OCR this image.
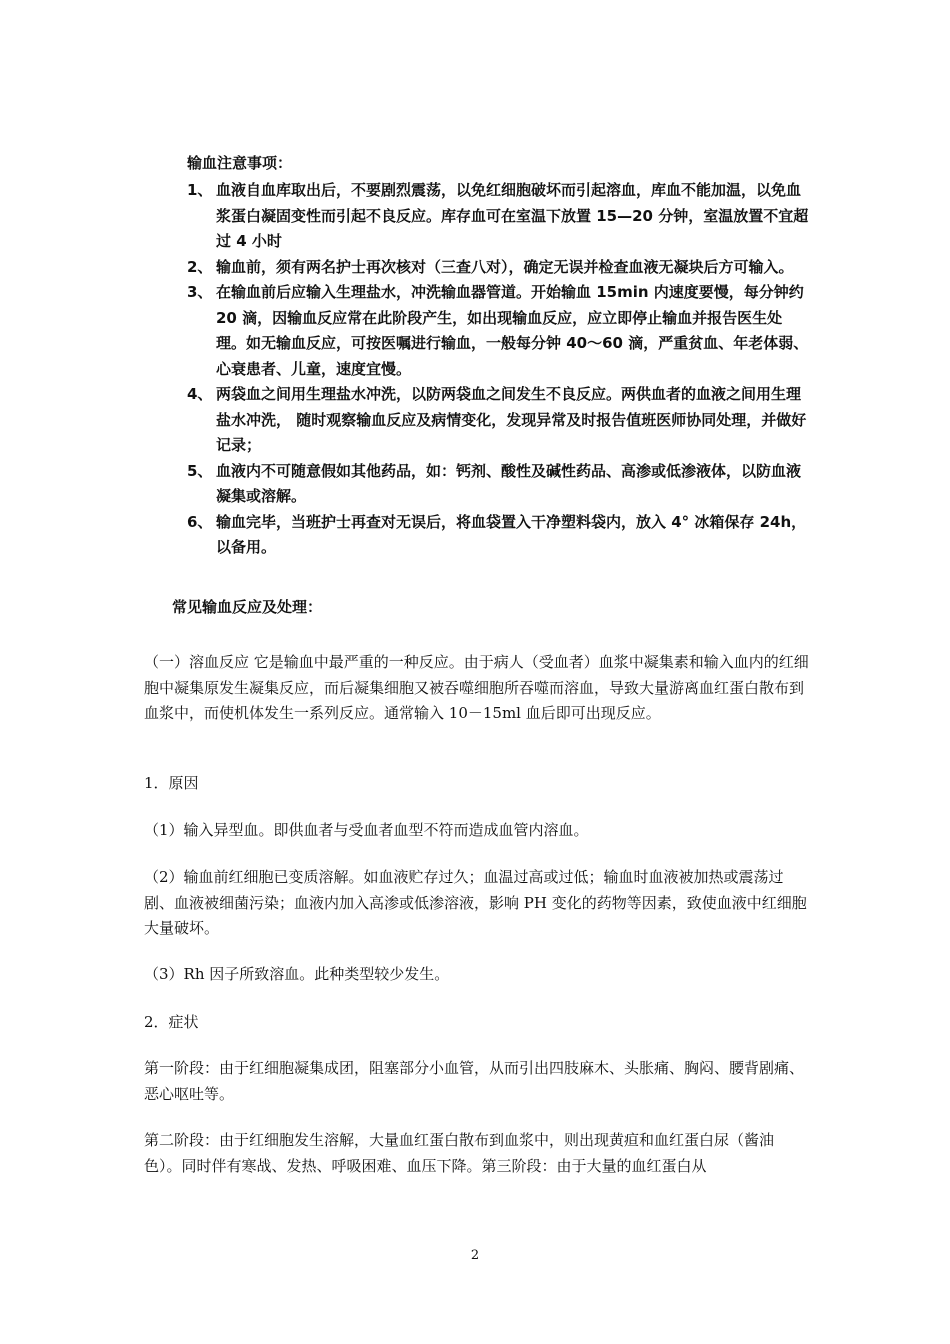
输血注意事项：
1、 血液自血库取出后，不要剧烈震荡，以免红细胞破坏而引起溶血，库血不能加温，以免血浆蛋白凝固变性而引起不良反应。库存血可在室温下放置 15—20 分钟，室温放置不宜超过 4 小时
2、 输血前，须有两名护士再次核对（三查八对），确定无误并检查血液无凝块后方可输入。
3、 在输血前后应输入生理盐水，冲洗输血器管道。开始输血 15min 内速度要慢，每分钟约 20 滴，因输血反应常在此阶段产生，如出现输血反应，应立即停止输血并报告医生处理。如无输血反应，可按医嘱进行输血，一般每分钟 40～60 滴，严重贫血、年老体弱、心衰患者、儿童，速度宜慢。
4、 两袋血之间用生理盐水冲洗，以防两袋血之间发生不良反应。两供血者的血液之间用生理盐水冲洗， 随时观察输血反应及病情变化，发现异常及时报告值班医师协同处理，并做好记录；
5、 血液内不可随意假如其他药品，如：钙剂、酸性及碱性药品、高渗或低渗液体，以防血液凝集或溶解。
6、 输血完毕，当班护士再查对无误后，将血袋置入干净塑料袋内，放入 4° 冰箱保存 24h，以备用。
常见输血反应及处理：

（一）溶血反应 它是输血中最严重的一种反应。由于病人（受血者）血浆中凝集素和输入血内的红细胞中凝集原发生凝集反应，而后凝集细胞又被吞噬细胞所吞噬而溶血，导致大量游离血红蛋白散布到血浆中，而使机体发生一系列反应。通常输入 10－15ml 血后即可出现反应。

1．原因

（1）输入异型血。即供血者与受血者血型不符而造成血管内溶血。

（2）输血前红细胞已变质溶解。如血液贮存过久；血温过高或过低；输血时血液被加热或震荡过剧、血液被细菌污染；血液内加入高渗或低渗溶液，影响 PH 变化的药物等因素，致使血液中红细胞大量破坏。

（3）Rh 因子所致溶血。此种类型较少发生。

2．症状

第一阶段：由于红细胞凝集成团，阻塞部分小血管，从而引出四肢麻木、头胀痛、胸闷、腰背剧痛、恶心呕吐等。

第二阶段：由于红细胞发生溶解，大量血红蛋白散布到血浆中，则出现黄疸和血红蛋白尿（酱油色）。同时伴有寒战、发热、呼吸困难、血压下降。第三阶段：由于大量的血红蛋白从

2
